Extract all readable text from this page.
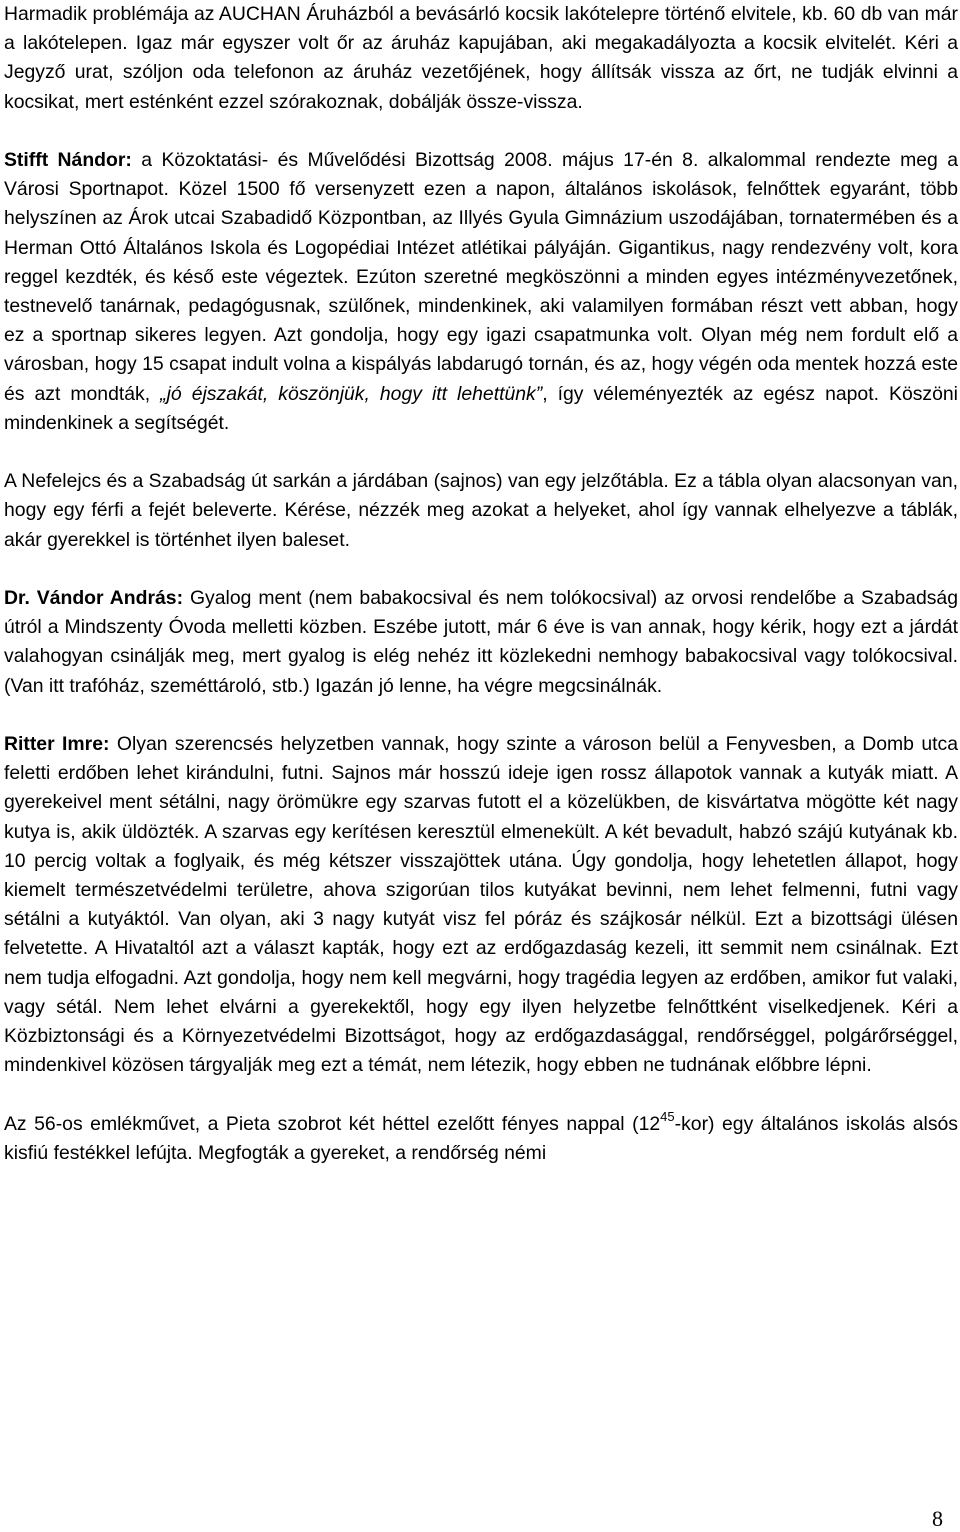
Harmadik problémája az AUCHAN Áruházból a bevásárló kocsik lakótelepre történő elvitele, kb. 60 db van már a lakótelepen. Igaz már egyszer volt őr az áruház kapujában, aki megakadályozta a kocsik elvitelét. Kéri a Jegyző urat, szóljon oda telefonon az áruház vezetőjének, hogy állítsák vissza az őrt, ne tudják elvinni a kocsikat, mert esténként ezzel szórakoznak, dobálják össze-vissza.

Stifft Nándor: a Közoktatási- és Művelődési Bizottság 2008. május 17-én 8. alkalommal rendezte meg a Városi Sportnapot. Közel 1500 fő versenyzett ezen a napon, általános iskolások, felnőttek egyaránt, több helyszínen az Árok utcai Szabadidő Központban, az Illyés Gyula Gimnázium uszodájában, tornatermében és a Herman Ottó Általános Iskola és Logopédiai Intézet atlétikai pályáján. Gigantikus, nagy rendezvény volt, kora reggel kezdték, és késő este végeztek. Ezúton szeretné megköszönni a minden egyes intézményvezetőnek, testnevelő tanárnak, pedagógusnak, szülőnek, mindenkinek, aki valamilyen formában részt vett abban, hogy ez a sportnap sikeres legyen. Azt gondolja, hogy egy igazi csapatmunka volt. Olyan még nem fordult elő a városban, hogy 15 csapat indult volna a kispályás labdarugó tornán, és az, hogy végén oda mentek hozzá este és azt mondták, „jó éjszakát, köszönjük, hogy itt lehettünk”, így véleményezték az egész napot. Köszöni mindenkinek a segítségét.

A Nefelejcs és a Szabadság út sarkán a járdában (sajnos) van egy jelzőtábla. Ez a tábla olyan alacsonyan van, hogy egy férfi a fejét beleverte. Kérése, nézzék meg azokat a helyeket, ahol így vannak elhelyezve a táblák, akár gyerekkel is történhet ilyen baleset.

Dr. Vándor András: Gyalog ment (nem babakocsival és nem tolókocsival) az orvosi rendelőbe a Szabadság útról a Mindszenty Óvoda melletti közben. Eszébe jutott, már 6 éve is van annak, hogy kérik, hogy ezt a járdát valahogyan csinálják meg, mert gyalog is elég nehéz itt közlekedni nemhogy babakocsival vagy tolókocsival. (Van itt trafóház, szeméttároló, stb.) Igazán jó lenne, ha végre megcsinálnák.

Ritter Imre: Olyan szerencsés helyzetben vannak, hogy szinte a városon belül a Fenyvesben, a Domb utca feletti erdőben lehet kirándulni, futni. Sajnos már hosszú ideje igen rossz állapotok vannak a kutyák miatt. A gyerekeivel ment sétálni, nagy örömükre egy szarvas futott el a közelükben, de kisvártatva mögötte két nagy kutya is, akik üldözték. A szarvas egy kerítésen keresztül elmenekült. A két bevadult, habzó szájú kutyának kb. 10 percig voltak a foglyaik, és még kétszer visszajöttek utána. Úgy gondolja, hogy lehetetlen állapot, hogy kiemelt természetvédelmi területre, ahova szigorúan tilos kutyákat bevinni, nem lehet felmenni, futni vagy sétálni a kutyáktól. Van olyan, aki 3 nagy kutyát visz fel póráz és szájkosár nélkül. Ezt a bizottsági ülésen felvetette. A Hivataltól azt a választ kapták, hogy ezt az erdőgazdaság kezeli, itt semmit nem csinálnak. Ezt nem tudja elfogadni. Azt gondolja, hogy nem kell megvárni, hogy tragédia legyen az erdőben, amikor fut valaki, vagy sétál. Nem lehet elvárni a gyerekektől, hogy egy ilyen helyzetbe felnőttként viselkedjenek. Kéri a Közbiztonsági és a Környezetvédelmi Bizottságot, hogy az erdőgazdasággal, rendőrséggel, polgárőrséggel, mindenkivel közösen tárgyalják meg ezt a témát, nem létezik, hogy ebben ne tudnának előbbre lépni.

Az 56-os emlékművet, a Pieta szobrot két héttel ezelőtt fényes nappal $(12^{45}-kor)$ egy általános iskolás alsós kisfiú festékkel lefújta. Megfogták a gyereket, a rendőrség némi

8
